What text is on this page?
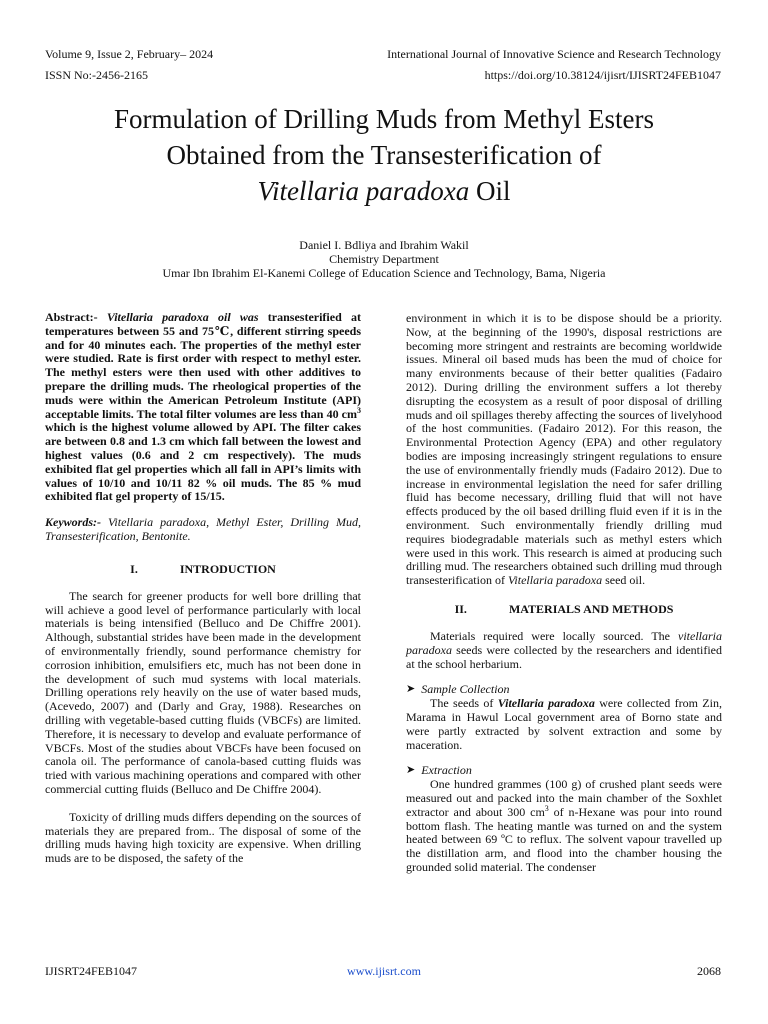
Volume 9, Issue 2, February– 2024
ISSN No:-2456-2165
International Journal of Innovative Science and Research Technology
https://doi.org/10.38124/ijisrt/IJISRT24FEB1047
Formulation of Drilling Muds from Methyl Esters
Obtained from the Transesterification of
Vitellaria paradoxa Oil
Daniel I. Bdliya and Ibrahim Wakil
Chemistry Department
Umar Ibn Ibrahim El-Kanemi College of Education Science and Technology, Bama, Nigeria

Abstract:- Vitellaria paradoxa oil was transesterified at temperatures between 55 and 75℃, different stirring speeds and for 40 minutes each. The properties of the methyl ester were studied. Rate is first order with respect to methyl ester. The methyl esters were then used with other additives to prepare the drilling muds. The rheological properties of the muds were within the American Petroleum Institute (API) acceptable limits. The total filter volumes are less than 40 $cm^3$ which is the highest volume allowed by API. The filter cakes are between 0.8 and 1.3 cm which fall between the lowest and highest values (0.6 and 2 cm respectively). The muds exhibited flat gel properties which all fall in API’s limits with values of 10/10 and 10/11 82 % oil muds. The 85 % mud exhibited flat gel property of 15/15.

Keywords:- Vitellaria paradoxa, Methyl Ester, Drilling Mud, Transesterification, Bentonite.

I.	INTRODUCTION

The search for greener products for well bore drilling that will achieve a good level of performance particularly with local materials is being intensified (Belluco and De Chiffre 2001). Although, substantial strides have been made in the development of environmentally friendly, sound performance chemistry for corrosion inhibition, emulsifiers etc, much has not been done in the development of such mud systems with local materials. Drilling operations rely heavily on the use of water based muds, (Acevedo, 2007) and (Darly and Gray, 1988). Researches on drilling with vegetable-based cutting fluids (VBCFs) are limited. Therefore, it is necessary to develop and evaluate performance of VBCFs. Most of the studies about VBCFs have been focused on canola oil. The performance of canola-based cutting fluids was tried with various machining operations and compared with other commercial cutting fluids (Belluco and De Chiffre 2004).

Toxicity of drilling muds differs depending on the sources of materials they are prepared from.. The disposal of some of the drilling muds having high toxicity are expensive. When drilling muds are to be disposed, the safety of the

environment in which it is to be dispose should be a priority. Now, at the beginning of the 1990's, disposal restrictions are becoming more stringent and restraints are becoming worldwide issues. Mineral oil based muds has been the mud of choice for many environments because of their better qualities (Fadairo 2012). During drilling the environment suffers a lot thereby disrupting the ecosystem as a result of poor disposal of drilling muds and oil spillages thereby affecting the sources of livelyhood of the host communities. (Fadairo 2012). For this reason, the Environmental Protection Agency (EPA) and other regulatory bodies are imposing increasingly stringent regulations to ensure the use of environmentally friendly muds (Fadairo 2012). Due to increase in environmental legislation the need for safer drilling fluid has become necessary, drilling fluid that will not have effects produced by the oil based drilling fluid even if it is in the environment. Such environmentally friendly drilling mud requires biodegradable materials such as methyl esters which were used in this work. This research is aimed at producing such drilling mud. The researchers obtained such drilling mud through transesterification of Vitellaria paradoxa seed oil.

II.	MATERIALS AND METHODS

Materials required were locally sourced. The vitellaria paradoxa seeds were collected by the researchers and identified at the school herbarium.

➤ Sample Collection

The seeds of Vitellaria paradoxa were collected from Zin, Marama in Hawul Local government area of Borno state and were partly extracted by solvent extraction and some by maceration.

➤ Extraction

One hundred grammes (100 g) of crushed plant seeds were measured out and packed into the main chamber of the Soxhlet extractor and about 300 $cm^3$ of n-Hexane was pour into round bottom flash. The heating mantle was turned on and the system heated between 69 ºC to reflux. The solvent vapour travelled up the distillation arm, and flood into the chamber housing the grounded solid material. The condenser

IJISRT24FEB1047	www.ijisrt.com	2068
